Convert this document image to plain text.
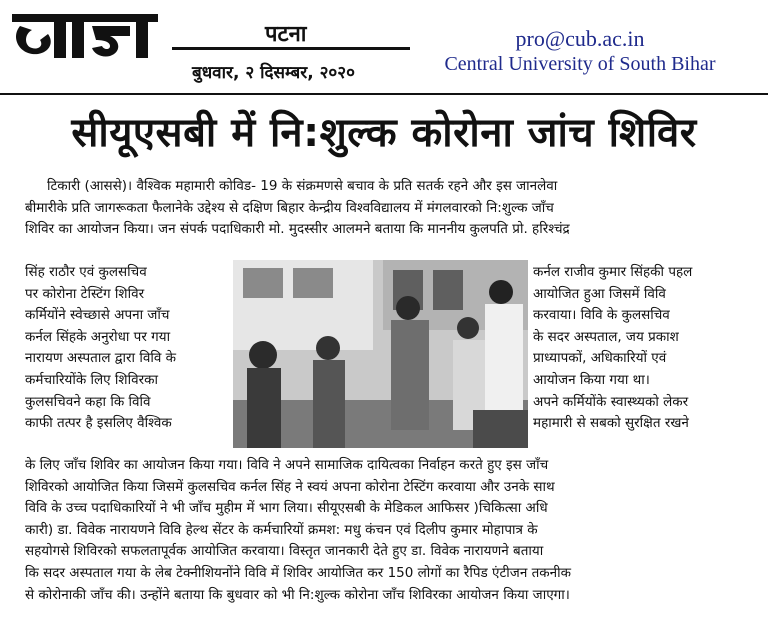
पटना
बुधवार, २ दिसम्बर, २०२०
pro@cub.ac.in
Central University of South Bihar
सीयूएसबी में नि:शुल्क कोरोना जांच शिविर
टिकारी (आससे)। वैश्विक महामारी कोविड- 19 के संक्रमणसे बचाव के प्रति सतर्क रहने और इस जानलेवा
बीमारीके प्रति जागरूकता फैलानेके उद्देश्य से दक्षिण बिहार केन्द्रीय विश्वविद्यालय में मंगलवारको नि:शुल्क जाँच
शिविर का आयोजन किया। जन संपर्क पदाधिकारी मो. मुदस्सीर आलमने बताया कि माननीय कुलपति प्रो. हरिश्चंद्र
सिंह राठौर एवं कुलसचिव
पर कोरोना टेस्टिंग शिविर
कर्मियोंने स्वेच्छासे अपना जाँच
कर्नल सिंहके अनुरोधा पर गया
नारायण अस्पताल द्वारा विवि के
कर्मचारियोंके लिए शिविरका
कुलसचिवने कहा कि विवि
काफी तत्पर है इसलिए वैश्विक
कर्नल राजीव कुमार सिंहकी पहल
आयोजित हुआ जिसमें विवि
करवाया। विवि के कुलसचिव
के सदर अस्पताल, जय प्रकाश
प्राध्यापकों, अधिकारियों एवं
आयोजन किया गया था।
अपने कर्मियोंके स्वास्थ्यको लेकर
महामारी से सबको सुरक्षित रखने
के लिए जाँच शिविर का आयोजन किया गया। विवि ने अपने सामाजिक दायित्वका निर्वाहन करते हुए इस जाँच
शिविरको आयोजित किया जिसमें कुलसचिव कर्नल सिंह ने स्वयं अपना कोरोना टेस्टिंग करवाया और उनके साथ
विवि के उच्च पदाधिकारियों ने भी जाँच मुहीम में भाग लिया। सीयूएसबी के मेडिकल आफिसर )चिकित्सा अधि
कारी) डा. विवेक नारायणने विवि हेल्थ सेंटर के कर्मचारियों क्रमश: मधु कंचन एवं दिलीप कुमार मोहापात्र के
सहयोगसे शिविरको सफलतापूर्वक आयोजित करवाया। विस्तृत जानकारी देते हुए डा. विवेक नारायणने बताया
कि सदर अस्पताल गया के लेब टेक्नीशियनोंने विवि में शिविर आयोजित कर 150 लोगों का रैपिड एंटीजन तकनीक
से कोरोनाकी जाँच की। उन्होंने बताया कि बुधवार को भी नि:शुल्क कोरोना जाँच शिविरका आयोजन किया जाएगा।
